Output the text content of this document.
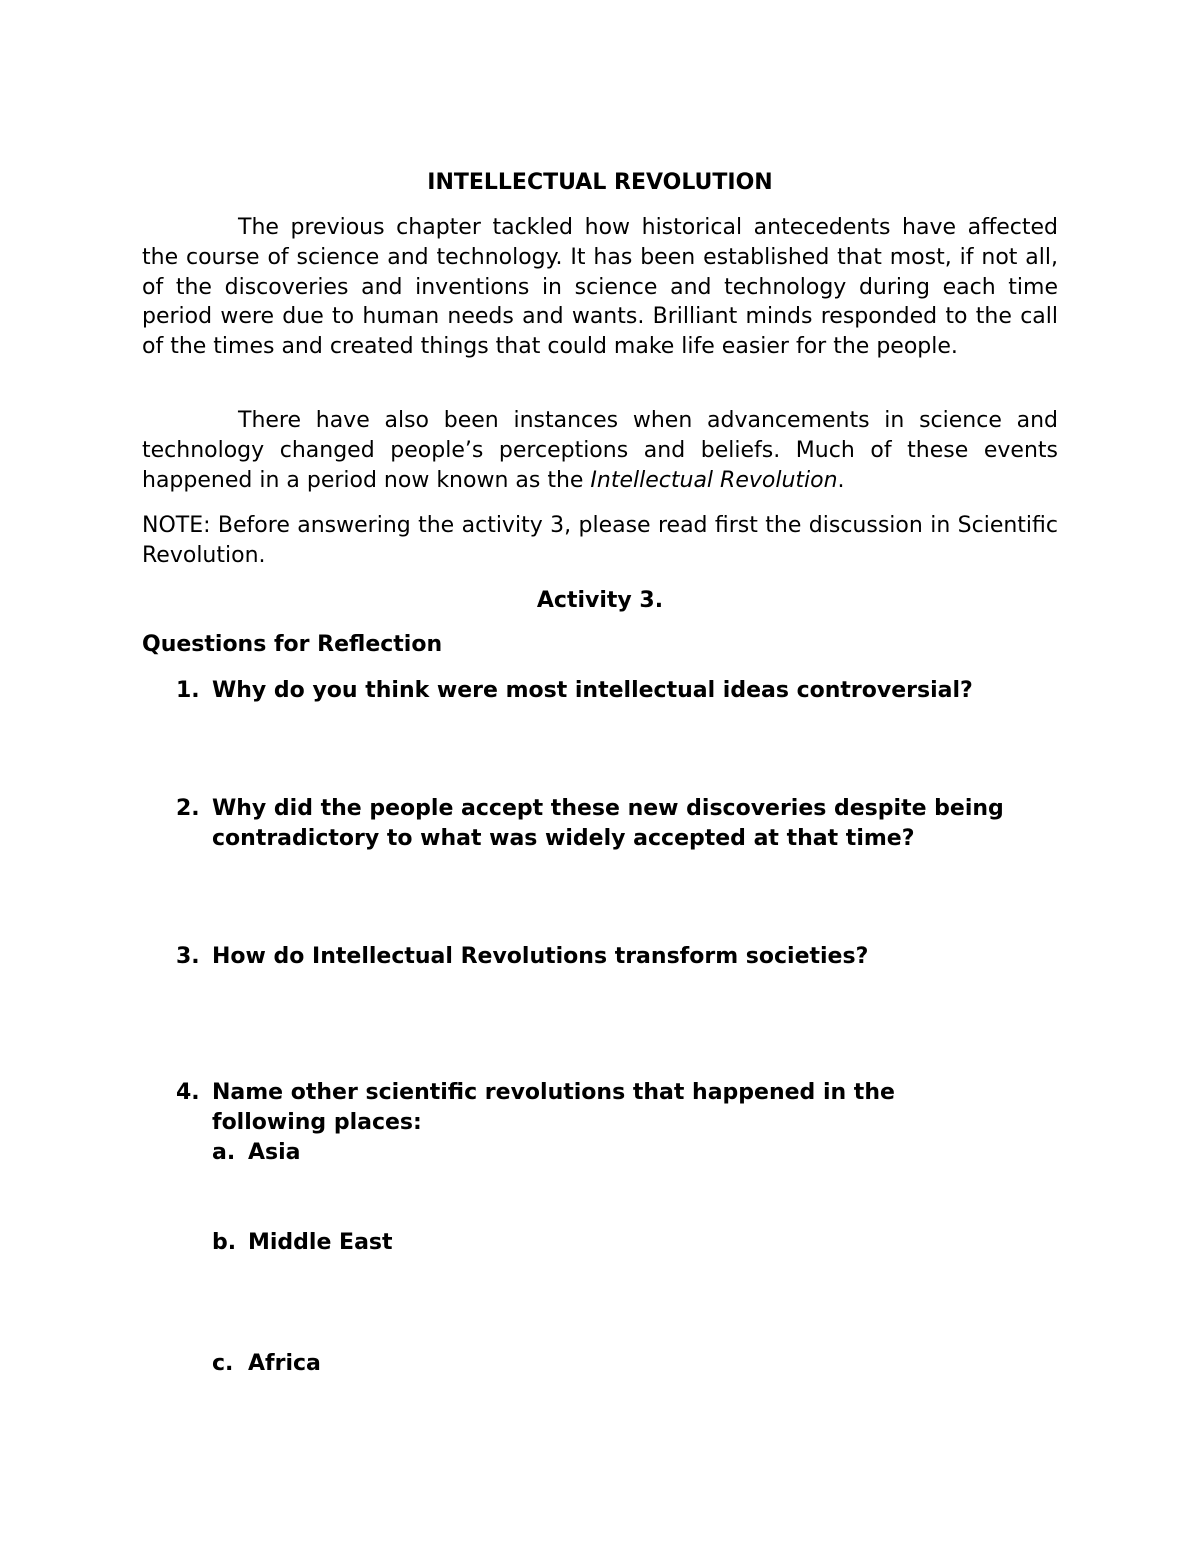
INTELLECTUAL REVOLUTION

The previous chapter tackled how historical antecedents have affected the course of science and technology. It has been established that most, if not all, of the discoveries and inventions in science and technology during each time period were due to human needs and wants. Brilliant minds responded to the call of the times and created things that could make life easier for the people.

There have also been instances when advancements in science and technology changed people’s perceptions and beliefs. Much of these events happened in a period now known as the Intellectual Revolution.

NOTE: Before answering the activity 3, please read first the discussion in Scientific Revolution.

Activity 3.
Questions for Reflection
1. Why do you think were most intellectual ideas controversial?
2. Why did the people accept these new discoveries despite being contradictory to what was widely accepted at that time?
3. How do Intellectual Revolutions transform societies?
4. Name other scientific revolutions that happened in the following places:
a. Asia
b. Middle East
c. Africa
